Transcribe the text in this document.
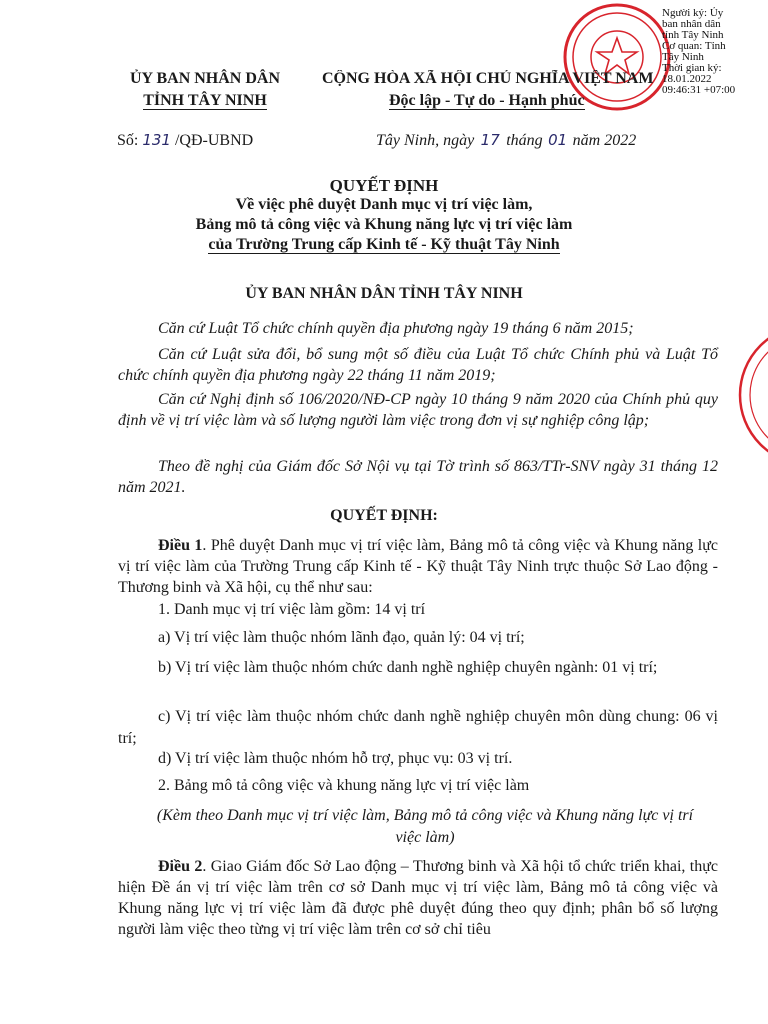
Người ký: Ủy
ban nhân dân
tỉnh Tây Ninh
Cơ quan: Tỉnh
Tây Ninh
Thời gian ký:
18.01.2022
09:46:31 +07:00
ỦY BAN NHÂN DÂN
TỈNH TÂY NINH
CỘNG HÒA XÃ HỘI CHỦ NGHĨA VIỆT NAM
Độc lập - Tự do - Hạnh phúc
Số: 131 /QĐ-UBND	Tây Ninh, ngày 17 tháng 01 năm 2022
QUYẾT ĐỊNH
Về việc phê duyệt Danh mục vị trí việc làm,
Bảng mô tả công việc và Khung năng lực vị trí việc làm
của Trường Trung cấp Kinh tế - Kỹ thuật Tây Ninh
ỦY BAN NHÂN DÂN TỈNH TÂY NINH
Căn cứ Luật Tổ chức chính quyền địa phương ngày 19 tháng 6 năm 2015;
Căn cứ Luật sửa đổi, bổ sung một số điều của Luật Tổ chức Chính phủ và Luật Tổ chức chính quyền địa phương ngày 22 tháng 11 năm 2019;
Căn cứ Nghị định số 106/2020/NĐ-CP ngày 10 tháng 9 năm 2020 của Chính phủ quy định về vị trí việc làm và số lượng người làm việc trong đơn vị sự nghiệp công lập;
Theo đề nghị của Giám đốc Sở Nội vụ tại Tờ trình số 863/TTr-SNV ngày 31 tháng 12 năm 2021.
QUYẾT ĐỊNH:
Điều 1. Phê duyệt Danh mục vị trí việc làm, Bảng mô tả công việc và Khung năng lực vị trí việc làm của Trường Trung cấp Kinh tế - Kỹ thuật Tây Ninh trực thuộc Sở Lao động - Thương binh và Xã hội, cụ thể như sau:
1. Danh mục vị trí việc làm gồm: 14 vị trí
a) Vị trí việc làm thuộc nhóm lãnh đạo, quản lý: 04 vị trí;
b) Vị trí việc làm thuộc nhóm chức danh nghề nghiệp chuyên ngành: 01 vị trí;
c) Vị trí việc làm thuộc nhóm chức danh nghề nghiệp chuyên môn dùng chung: 06 vị trí;
d) Vị trí việc làm thuộc nhóm hỗ trợ, phục vụ: 03 vị trí.
2. Bảng mô tả công việc và khung năng lực vị trí việc làm
(Kèm theo Danh mục vị trí việc làm, Bảng mô tả công việc và Khung năng lực vị trí việc làm)
Điều 2. Giao Giám đốc Sở Lao động – Thương binh và Xã hội tổ chức triển khai, thực hiện Đề án vị trí việc làm trên cơ sở Danh mục vị trí việc làm, Bảng mô tả công việc và Khung năng lực vị trí việc làm đã được phê duyệt đúng theo quy định; phân bổ số lượng người làm việc theo từng vị trí việc làm trên cơ sở chỉ tiêu
